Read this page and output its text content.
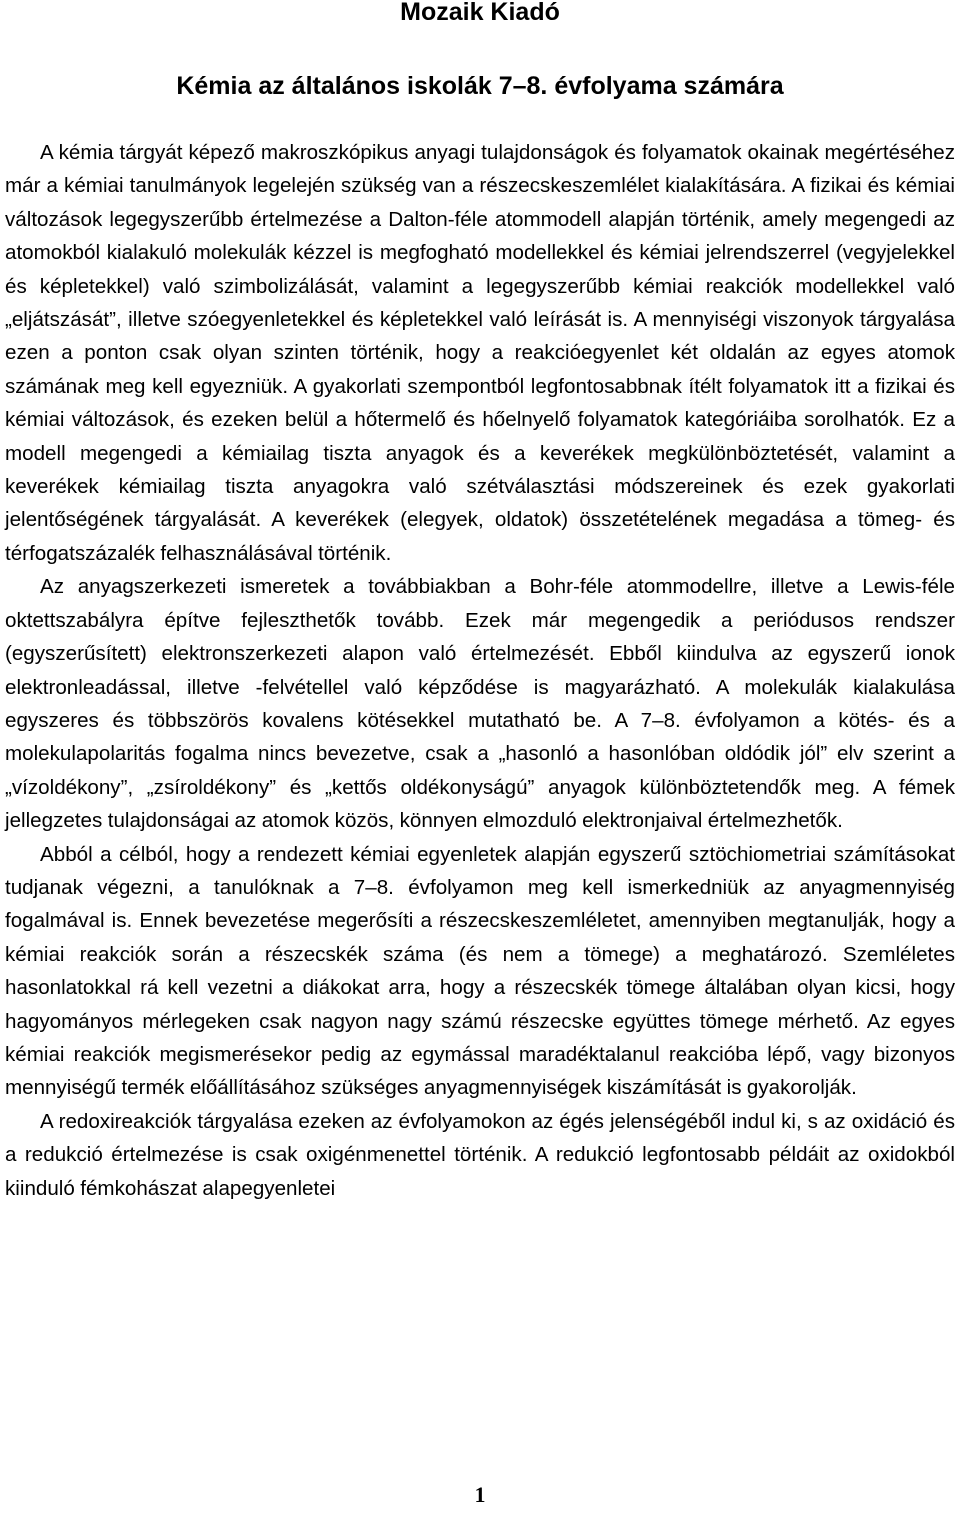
Mozaik Kiadó
Kémia az általános iskolák 7–8. évfolyama számára

A kémia tárgyát képező makroszkópikus anyagi tulajdonságok és folyamatok okainak megértéséhez már a kémiai tanulmányok legelején szükség van a részecskeszemlélet kialakítására. A fizikai és kémiai változások legegyszerűbb értelmezése a Dalton-féle atommodell alapján történik, amely megengedi az atomokból kialakuló molekulák kézzel is megfogható modellekkel és kémiai jelrendszerrel (vegyjelekkel és képletekkel) való szimbolizálását, valamint a legegyszerűbb kémiai reakciók modellekkel való „eljátszását”, illetve szóegyenletekkel és képletekkel való leírását is. A mennyiségi viszonyok tárgyalása ezen a ponton csak olyan szinten történik, hogy a reakcióegyenlet két oldalán az egyes atomok számának meg kell egyezniük. A gyakorlati szempontból legfontosabbnak ítélt folyamatok itt a fizikai és kémiai változások, és ezeken belül a hőtermelő és hőelnyelő folyamatok kategóriáiba sorolhatók. Ez a modell megengedi a kémiailag tiszta anyagok és a keverékek megkülönböztetését, valamint a keverékek kémiailag tiszta anyagokra való szétválasztási módszereinek és ezek gyakorlati jelentőségének tárgyalását. A keverékek (elegyek, oldatok) összetételének megadása a tömeg- és térfogatszázalék felhasználásával történik.

Az anyagszerkezeti ismeretek a továbbiakban a Bohr-féle atommodellre, illetve a Lewis-féle oktettszabályra építve fejleszthetők tovább. Ezek már megengedik a periódusos rendszer (egyszerűsített) elektronszerkezeti alapon való értelmezését. Ebből kiindulva az egyszerű ionok elektronleadással, illetve -felvétellel való képződése is magyarázható. A molekulák kialakulása egyszeres és többszörös kovalens kötésekkel mutatható be. A 7–8. évfolyamon a kötés- és a molekulapolaritás fogalma nincs bevezetve, csak a „hasonló a hasonlóban oldódik jól” elv szerint a „vízoldékony”, „zsíroldékony” és „kettős oldékonyságú” anyagok különböztetendők meg. A fémek jellegzetes tulajdonságai az atomok közös, könnyen elmozduló elektronjaival értelmezhetők.

Abból a célból, hogy a rendezett kémiai egyenletek alapján egyszerű sztöchiometriai számításokat tudjanak végezni, a tanulóknak a 7–8. évfolyamon meg kell ismerkedniük az anyagmennyiség fogalmával is. Ennek bevezetése megerősíti a részecskeszemléletet, amennyiben megtanulják, hogy a kémiai reakciók során a részecskék száma (és nem a tömege) a meghatározó. Szemléletes hasonlatokkal rá kell vezetni a diákokat arra, hogy a részecskék tömege általában olyan kicsi, hogy hagyományos mérlegeken csak nagyon nagy számú részecske együttes tömege mérhető. Az egyes kémiai reakciók megismerésekor pedig az egymással maradéktalanul reakcióba lépő, vagy bizonyos mennyiségű termék előállításához szükséges anyagmennyiségek kiszámítását is gyakorolják.

A redoxireakciók tárgyalása ezeken az évfolyamokon az égés jelenségéből indul ki, s az oxidáció és a redukció értelmezése is csak oxigénmenettel történik. A redukció legfontosabb példáit az oxidokból kiinduló fémkohászat alapegyenletei

1
